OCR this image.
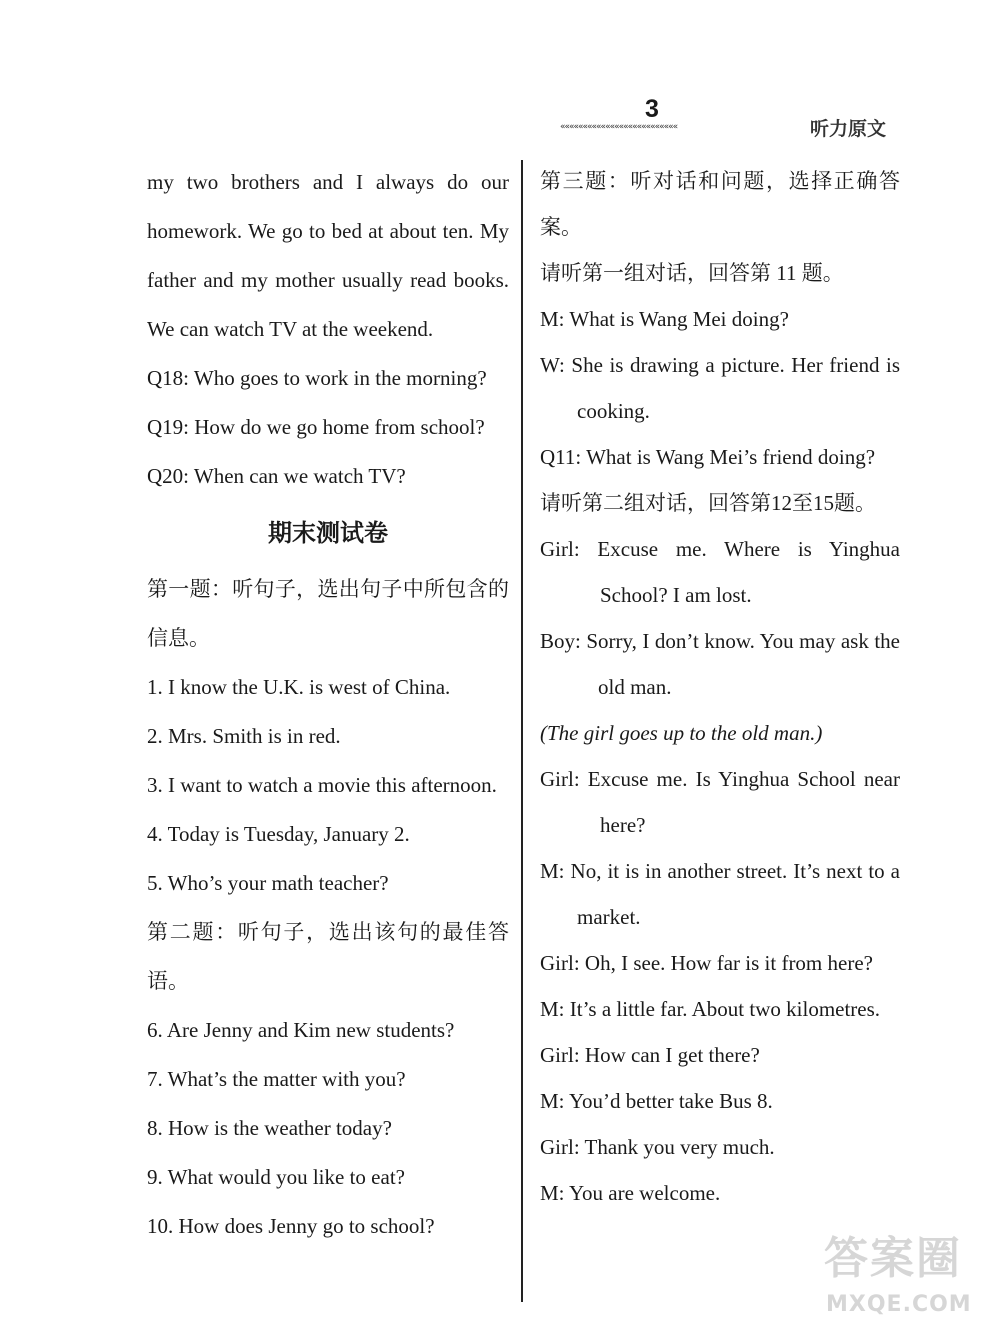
3
««««««««««««««««««««««««««	听力原文

my two brothers and I always do our homework. We go to bed at about ten. My father and my mother usually read books. We can watch TV at the weekend.

Q18: Who goes to work in the morning?

Q19: How do we go home from school?

Q20: When can we watch TV?

期末测试卷

第一题：听句子，选出句子中所包含的信息。

1. I know the U.K. is west of China.

2. Mrs. Smith is in red.

3. I want to watch a movie this afternoon.

4. Today is Tuesday, January 2.

5. Who’s your math teacher?

第二题：听句子，选出该句的最佳答语。

6. Are Jenny and Kim new students?

7. What’s the matter with you?

8. How is the weather today?

9. What would you like to eat?

10. How does Jenny go to school?

第三题：听对话和问题，选择正确答案。

请听第一组对话，回答第 11 题。

M: What is Wang Mei doing?

W: She is drawing a picture. Her friend is cooking.

Q11: What is Wang Mei’s friend doing?

请听第二组对话，回答第12至15题。

Girl: Excuse me. Where is Yinghua School? I am lost.

Boy: Sorry, I don’t know. You may ask the old man.

(The girl goes up to the old man.)

Girl: Excuse me. Is Yinghua School near here?

M: No, it is in another street. It’s next to a market.

Girl: Oh, I see. How far is it from here?

M: It’s a little far. About two kilometres.

Girl: How can I get there?

M: You’d better take Bus 8.

Girl: Thank you very much.

M: You are welcome.

答案圈
MXQE.COM
